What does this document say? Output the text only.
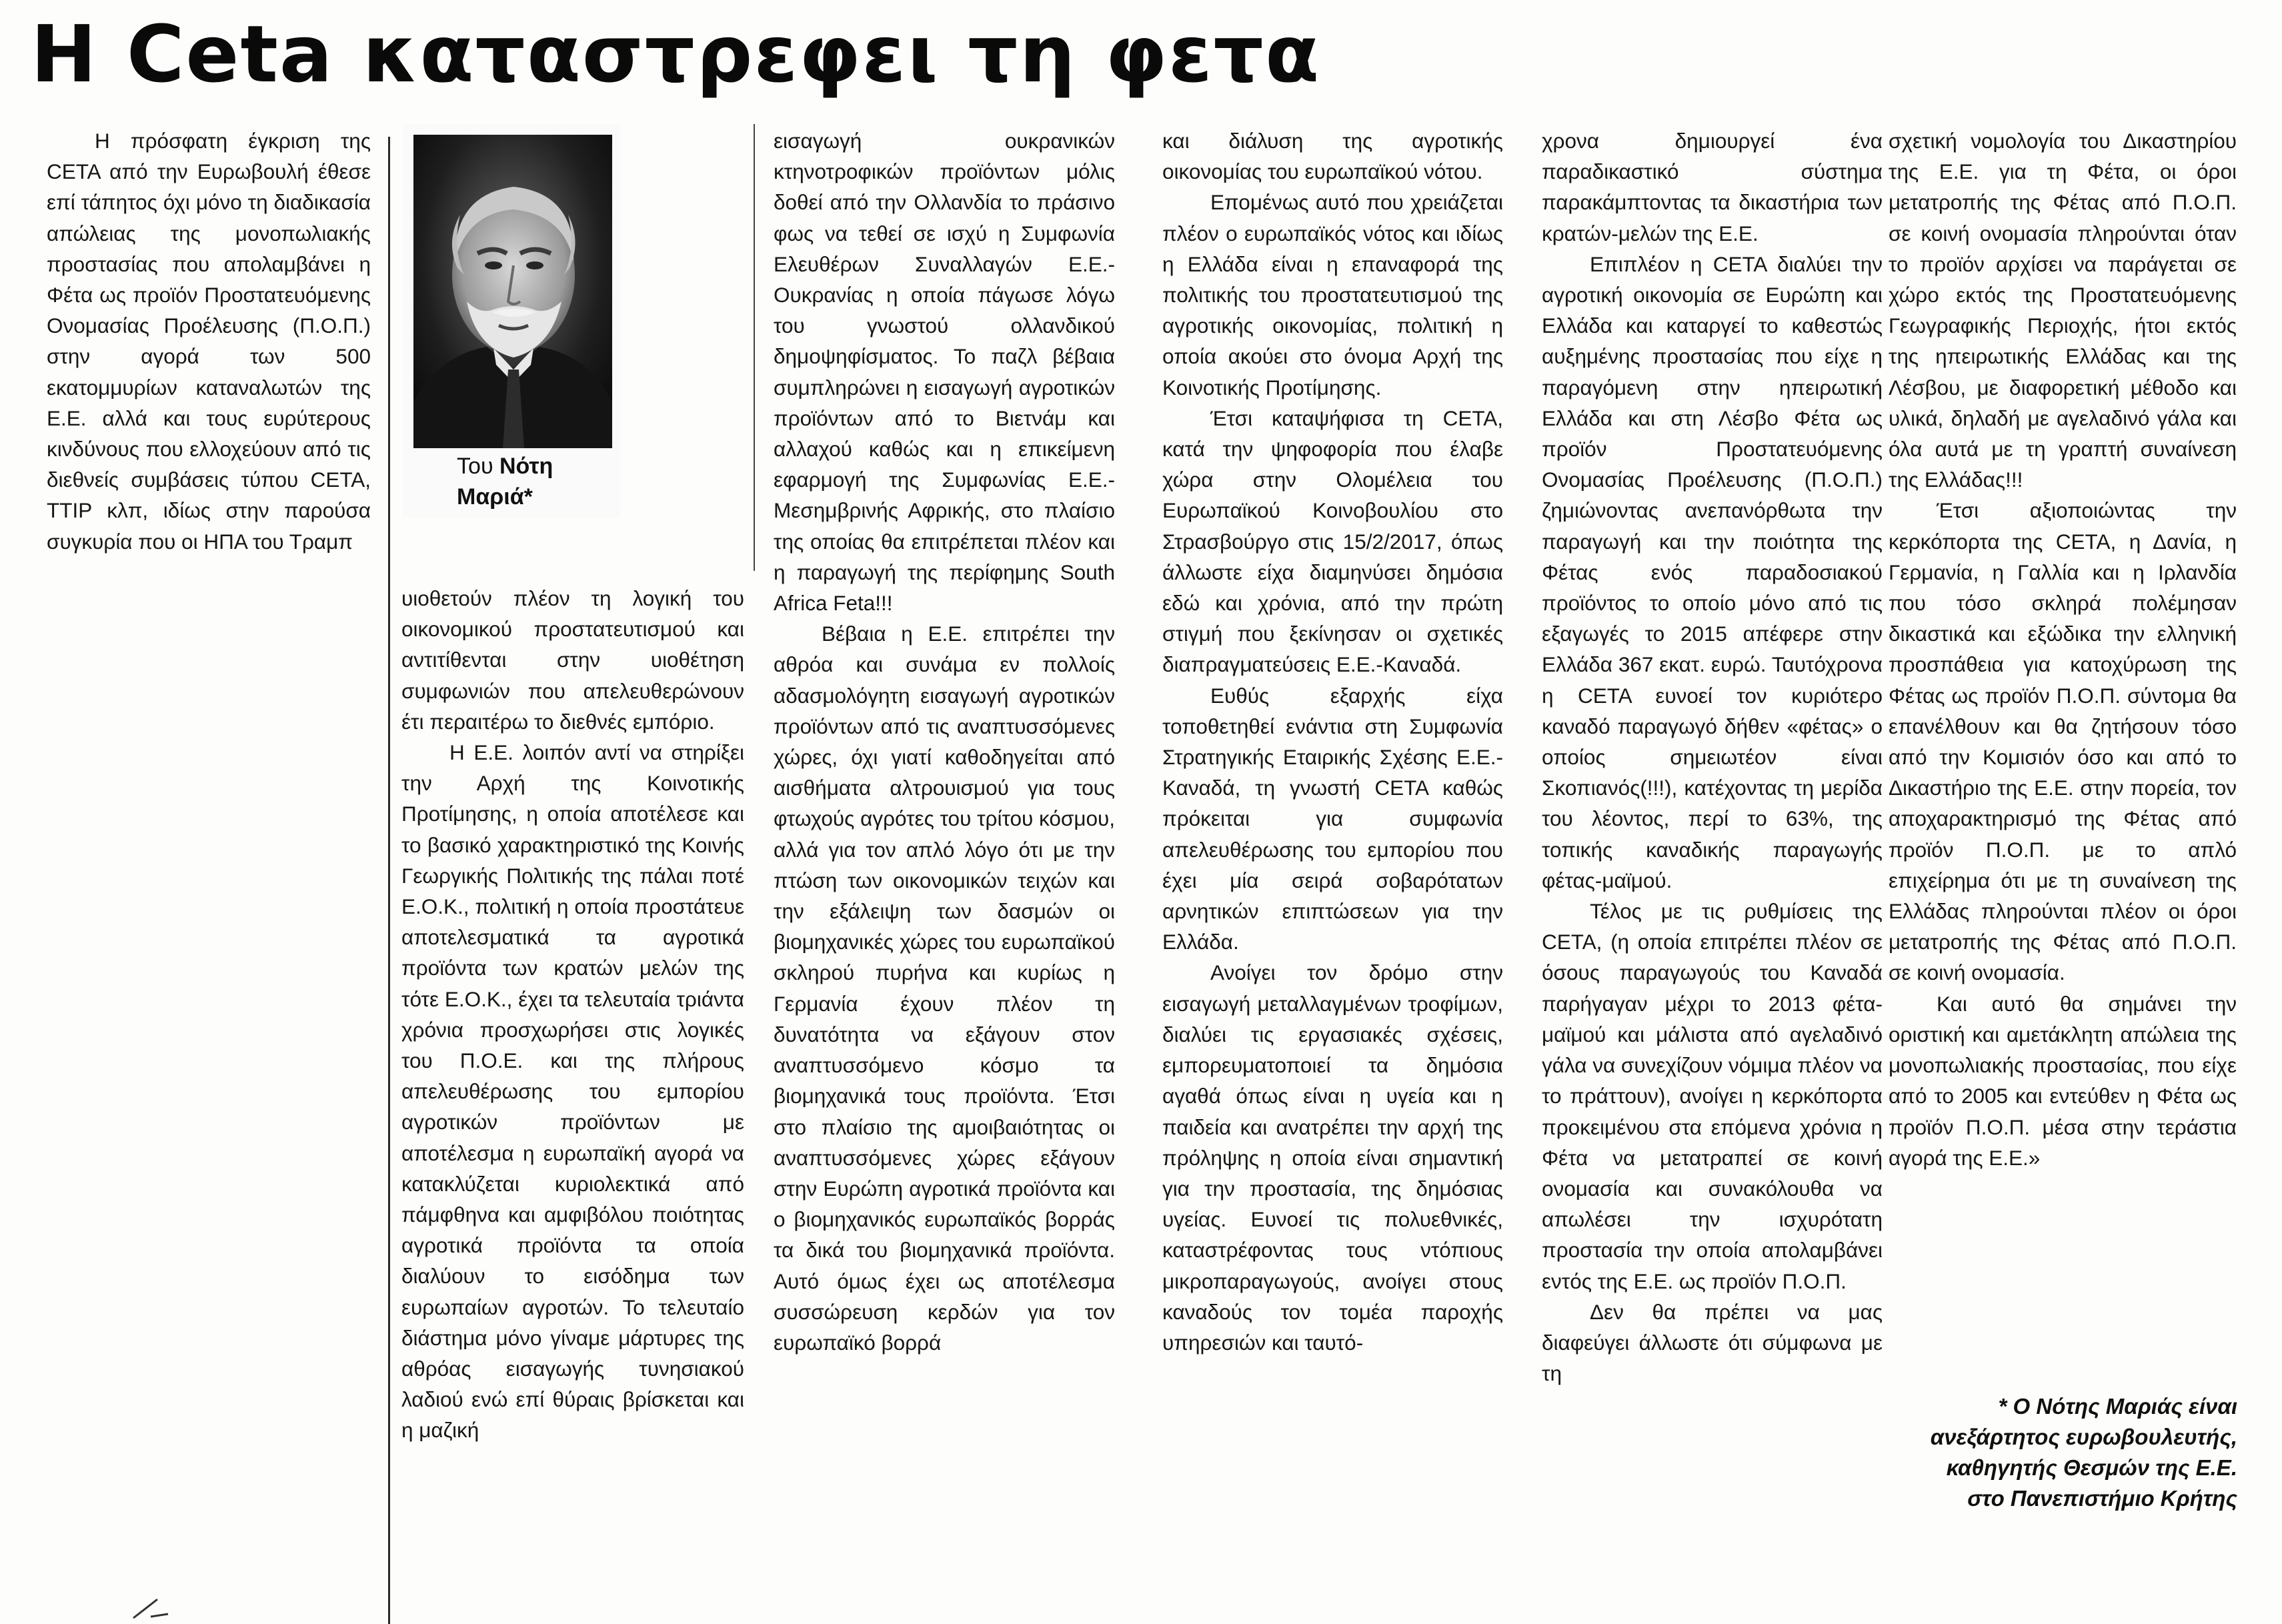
Η Ceta καταστρεφει τη φετα
Του Νότη
Μαριά*

Η πρόσφατη έγκριση της CETA από την Ευρωβουλή έθεσε επί τάπητος όχι μόνο τη διαδικασία απώλειας της μονοπωλιακής προστασίας που απολαμβάνει η Φέτα ως προϊόν Προστατευόμενης Ονομασίας Προέλευσης (Π.Ο.Π.) στην αγορά των 500 εκατομμυρίων καταναλωτών της Ε.Ε. αλλά και τους ευρύτερους κινδύνους που ελλοχεύουν από τις διεθνείς συμβάσεις τύπου CETA, TTIP κλπ, ιδίως στην παρούσα συγκυρία που οι ΗΠΑ του Τραμπ

υιοθετούν πλέον τη λογική του οικονομικού προστατευτισμού και αντιτίθενται στην υιοθέτηση συμφωνιών που απελευθερώνουν έτι περαιτέρω το διεθνές εμπόριο.

Η Ε.Ε. λοιπόν αντί να στηρίξει την Αρχή της Κοινοτικής Προτίμησης, η οποία αποτέλεσε και το βασικό χαρακτηριστικό της Κοινής Γεωργικής Πολιτικής της πάλαι ποτέ Ε.Ο.Κ., πολιτική η οποία προστάτευε αποτελεσματικά τα αγροτικά προϊόντα των κρατών μελών της τότε Ε.Ο.Κ., έχει τα τελευταία τριάντα χρόνια προσχωρήσει στις λογικές του Π.Ο.Ε. και της πλήρους απελευθέρωσης του εμπορίου αγροτικών προϊόντων με αποτέλεσμα η ευρωπαϊκή αγορά να κατακλύζεται κυριολεκτικά από πάμφθηνα και αμφιβόλου ποιότητας αγροτικά προϊόντα τα οποία διαλύουν το εισόδημα των ευρωπαίων αγροτών. Το τελευταίο διάστημα μόνο γίναμε μάρτυρες της αθρόας εισαγωγής τυνησιακού λαδιού ενώ επί θύραις βρίσκεται και η μαζική

εισαγωγή ουκρανικών κτηνοτροφικών προϊόντων μόλις δοθεί από την Ολλανδία το πράσινο φως να τεθεί σε ισχύ η Συμφωνία Ελευθέρων Συναλλαγών Ε.Ε.-Ουκρανίας η οποία πάγωσε λόγω του γνωστού ολλανδικού δημοψηφίσματος. Το παζλ βέβαια συμπληρώνει η εισαγωγή αγροτικών προϊόντων από το Βιετνάμ και αλλαχού καθώς και η επικείμενη εφαρμογή της Συμφωνίας Ε.Ε.-Μεσημβρινής Αφρικής, στο πλαίσιο της οποίας θα επιτρέπεται πλέον και η παραγωγή της περίφημης South Africa Feta!!!

Βέβαια η Ε.Ε. επιτρέπει την αθρόα και συνάμα εν πολλοίς αδασμολόγητη εισαγωγή αγροτικών προϊόντων από τις αναπτυσσόμενες χώρες, όχι γιατί καθοδηγείται από αισθήματα αλτρουισμού για τους φτωχούς αγρότες του τρίτου κόσμου, αλλά για τον απλό λόγο ότι με την πτώση των οικονομικών τειχών και την εξάλειψη των δασμών οι βιομηχανικές χώρες του ευρωπαϊκού σκληρού πυρήνα και κυρίως η Γερμανία έχουν πλέον τη δυνατότητα να εξάγουν στον αναπτυσσόμενο κόσμο τα βιομηχανικά τους προϊόντα. Έτσι στο πλαίσιο της αμοιβαιότητας οι αναπτυσσόμενες χώρες εξάγουν στην Ευρώπη αγροτικά προϊόντα και ο βιομηχανικός ευρωπαϊκός βορράς τα δικά του βιομηχανικά προϊόντα. Αυτό όμως έχει ως αποτέλεσμα συσσώρευση κερδών για τον ευρωπαϊκό βορρά

και διάλυση της αγροτικής οικονομίας του ευρωπαϊκού νότου.

Επομένως αυτό που χρειάζεται πλέον ο ευρωπαϊκός νότος και ιδίως η Ελλάδα είναι η επαναφορά της πολιτικής του προστατευτισμού της αγροτικής οικονομίας, πολιτική η οποία ακούει στο όνομα Αρχή της Κοινοτικής Προτίμησης.

Έτσι καταψήφισα τη CETA, κατά την ψηφοφορία που έλαβε χώρα στην Ολομέλεια του Ευρωπαϊκού Κοινοβουλίου στο Στρασβούργο στις 15/2/2017, όπως άλλωστε είχα διαμηνύσει δημόσια εδώ και χρόνια, από την πρώτη στιγμή που ξεκίνησαν οι σχετικές διαπραγματεύσεις Ε.Ε.-Καναδά.

Ευθύς εξαρχής είχα τοποθετηθεί ενάντια στη Συμφωνία Στρατηγικής Εταιρικής Σχέσης Ε.Ε.-Καναδά, τη γνωστή CETA καθώς πρόκειται για συμφωνία απελευθέρωσης του εμπορίου που έχει μία σειρά σοβαρότατων αρνητικών επιπτώσεων για την Ελλάδα.

Ανοίγει τον δρόμο στην εισαγωγή μεταλλαγμένων τροφίμων, διαλύει τις εργασιακές σχέσεις, εμπορευματοποιεί τα δημόσια αγαθά όπως είναι η υγεία και η παιδεία και ανατρέπει την αρχή της πρόληψης η οποία είναι σημαντική για την προστασία, της δημόσιας υγείας. Ευνοεί τις πολυεθνικές, καταστρέφοντας τους ντόπιους μικροπαραγωγούς, ανοίγει στους καναδούς τον τομέα παροχής υπηρεσιών και ταυτό-

χρονα δημιουργεί ένα παραδικαστικό σύστημα παρακάμπτοντας τα δικαστήρια των κρατών-μελών της Ε.Ε.

Επιπλέον η CETA διαλύει την αγροτική οικονομία σε Ευρώπη και Ελλάδα και καταργεί το καθεστώς αυξημένης προστασίας που είχε η παραγόμενη στην ηπειρωτική Ελλάδα και στη Λέσβο Φέτα ως προϊόν Προστατευόμενης Ονομασίας Προέλευσης (Π.Ο.Π.) ζημιώνοντας ανεπανόρθωτα την παραγωγή και την ποιότητα της Φέτας ενός παραδοσιακού προϊόντος το οποίο μόνο από τις εξαγωγές το 2015 απέφερε στην Ελλάδα 367 εκατ. ευρώ. Ταυτόχρονα η CETA ευνοεί τον κυριότερο καναδό παραγωγό δήθεν «φέτας» ο οποίος σημειωτέον είναι Σκοπιανός(!!!), κατέχοντας τη μερίδα του λέοντος, περί το 63%, της τοπικής καναδικής παραγωγής φέτας-μαϊμού.

Τέλος με τις ρυθμίσεις της CETA, (η οποία επιτρέπει πλέον σε όσους παραγωγούς του Καναδά παρήγαγαν μέχρι το 2013 φέτα-μαϊμού και μάλιστα από αγελαδινό γάλα να συνεχίζουν νόμιμα πλέον να το πράττουν), ανοίγει η κερκόπορτα προκειμένου στα επόμενα χρόνια η Φέτα να μετατραπεί σε κοινή ονομασία και συνακόλουθα να απωλέσει την ισχυρότατη προστασία την οποία απολαμβάνει εντός της Ε.Ε. ως προϊόν Π.Ο.Π.

Δεν θα πρέπει να μας διαφεύγει άλλωστε ότι σύμφωνα με τη

σχετική νομολογία του Δικαστηρίου της Ε.Ε. για τη Φέτα, οι όροι μετατροπής της Φέτας από Π.Ο.Π. σε κοινή ονομασία πληρούνται όταν το προϊόν αρχίσει να παράγεται σε χώρο εκτός της Προστατευόμενης Γεωγραφικής Περιοχής, ήτοι εκτός της ηπειρωτικής Ελλάδας και της Λέσβου, με διαφορετική μέθοδο και υλικά, δηλαδή με αγελαδινό γάλα και όλα αυτά με τη γραπτή συναίνεση της Ελλάδας!!!

Έτσι αξιοποιώντας την κερκόπορτα της CETA, η Δανία, η Γερμανία, η Γαλλία και η Ιρλανδία που τόσο σκληρά πολέμησαν δικαστικά και εξώδικα την ελληνική προσπάθεια για κατοχύρωση της Φέτας ως προϊόν Π.Ο.Π. σύντομα θα επανέλθουν και θα ζητήσουν τόσο από την Κομισιόν όσο και από το Δικαστήριο της Ε.Ε. στην πορεία, τον αποχαρακτηρισμό της Φέτας από προϊόν Π.Ο.Π. με το απλό επιχείρημα ότι με τη συναίνεση της Ελλάδας πληρούνται πλέον οι όροι μετατροπής της Φέτας από Π.Ο.Π. σε κοινή ονομασία.

Και αυτό θα σημάνει την οριστική και αμετάκλητη απώλεια της μονοπωλιακής προστασίας, που είχε από το 2005 και εντεύθεν η Φέτα ως προϊόν Π.Ο.Π. μέσα στην τεράστια αγορά της Ε.Ε.»

* Ο Νότης Mαριάς είναι ανεξάρτητος ευρωβουλευτής, καθηγητής Θεσμών της Ε.Ε. στο Πανεπιστήμιο Κρήτης
